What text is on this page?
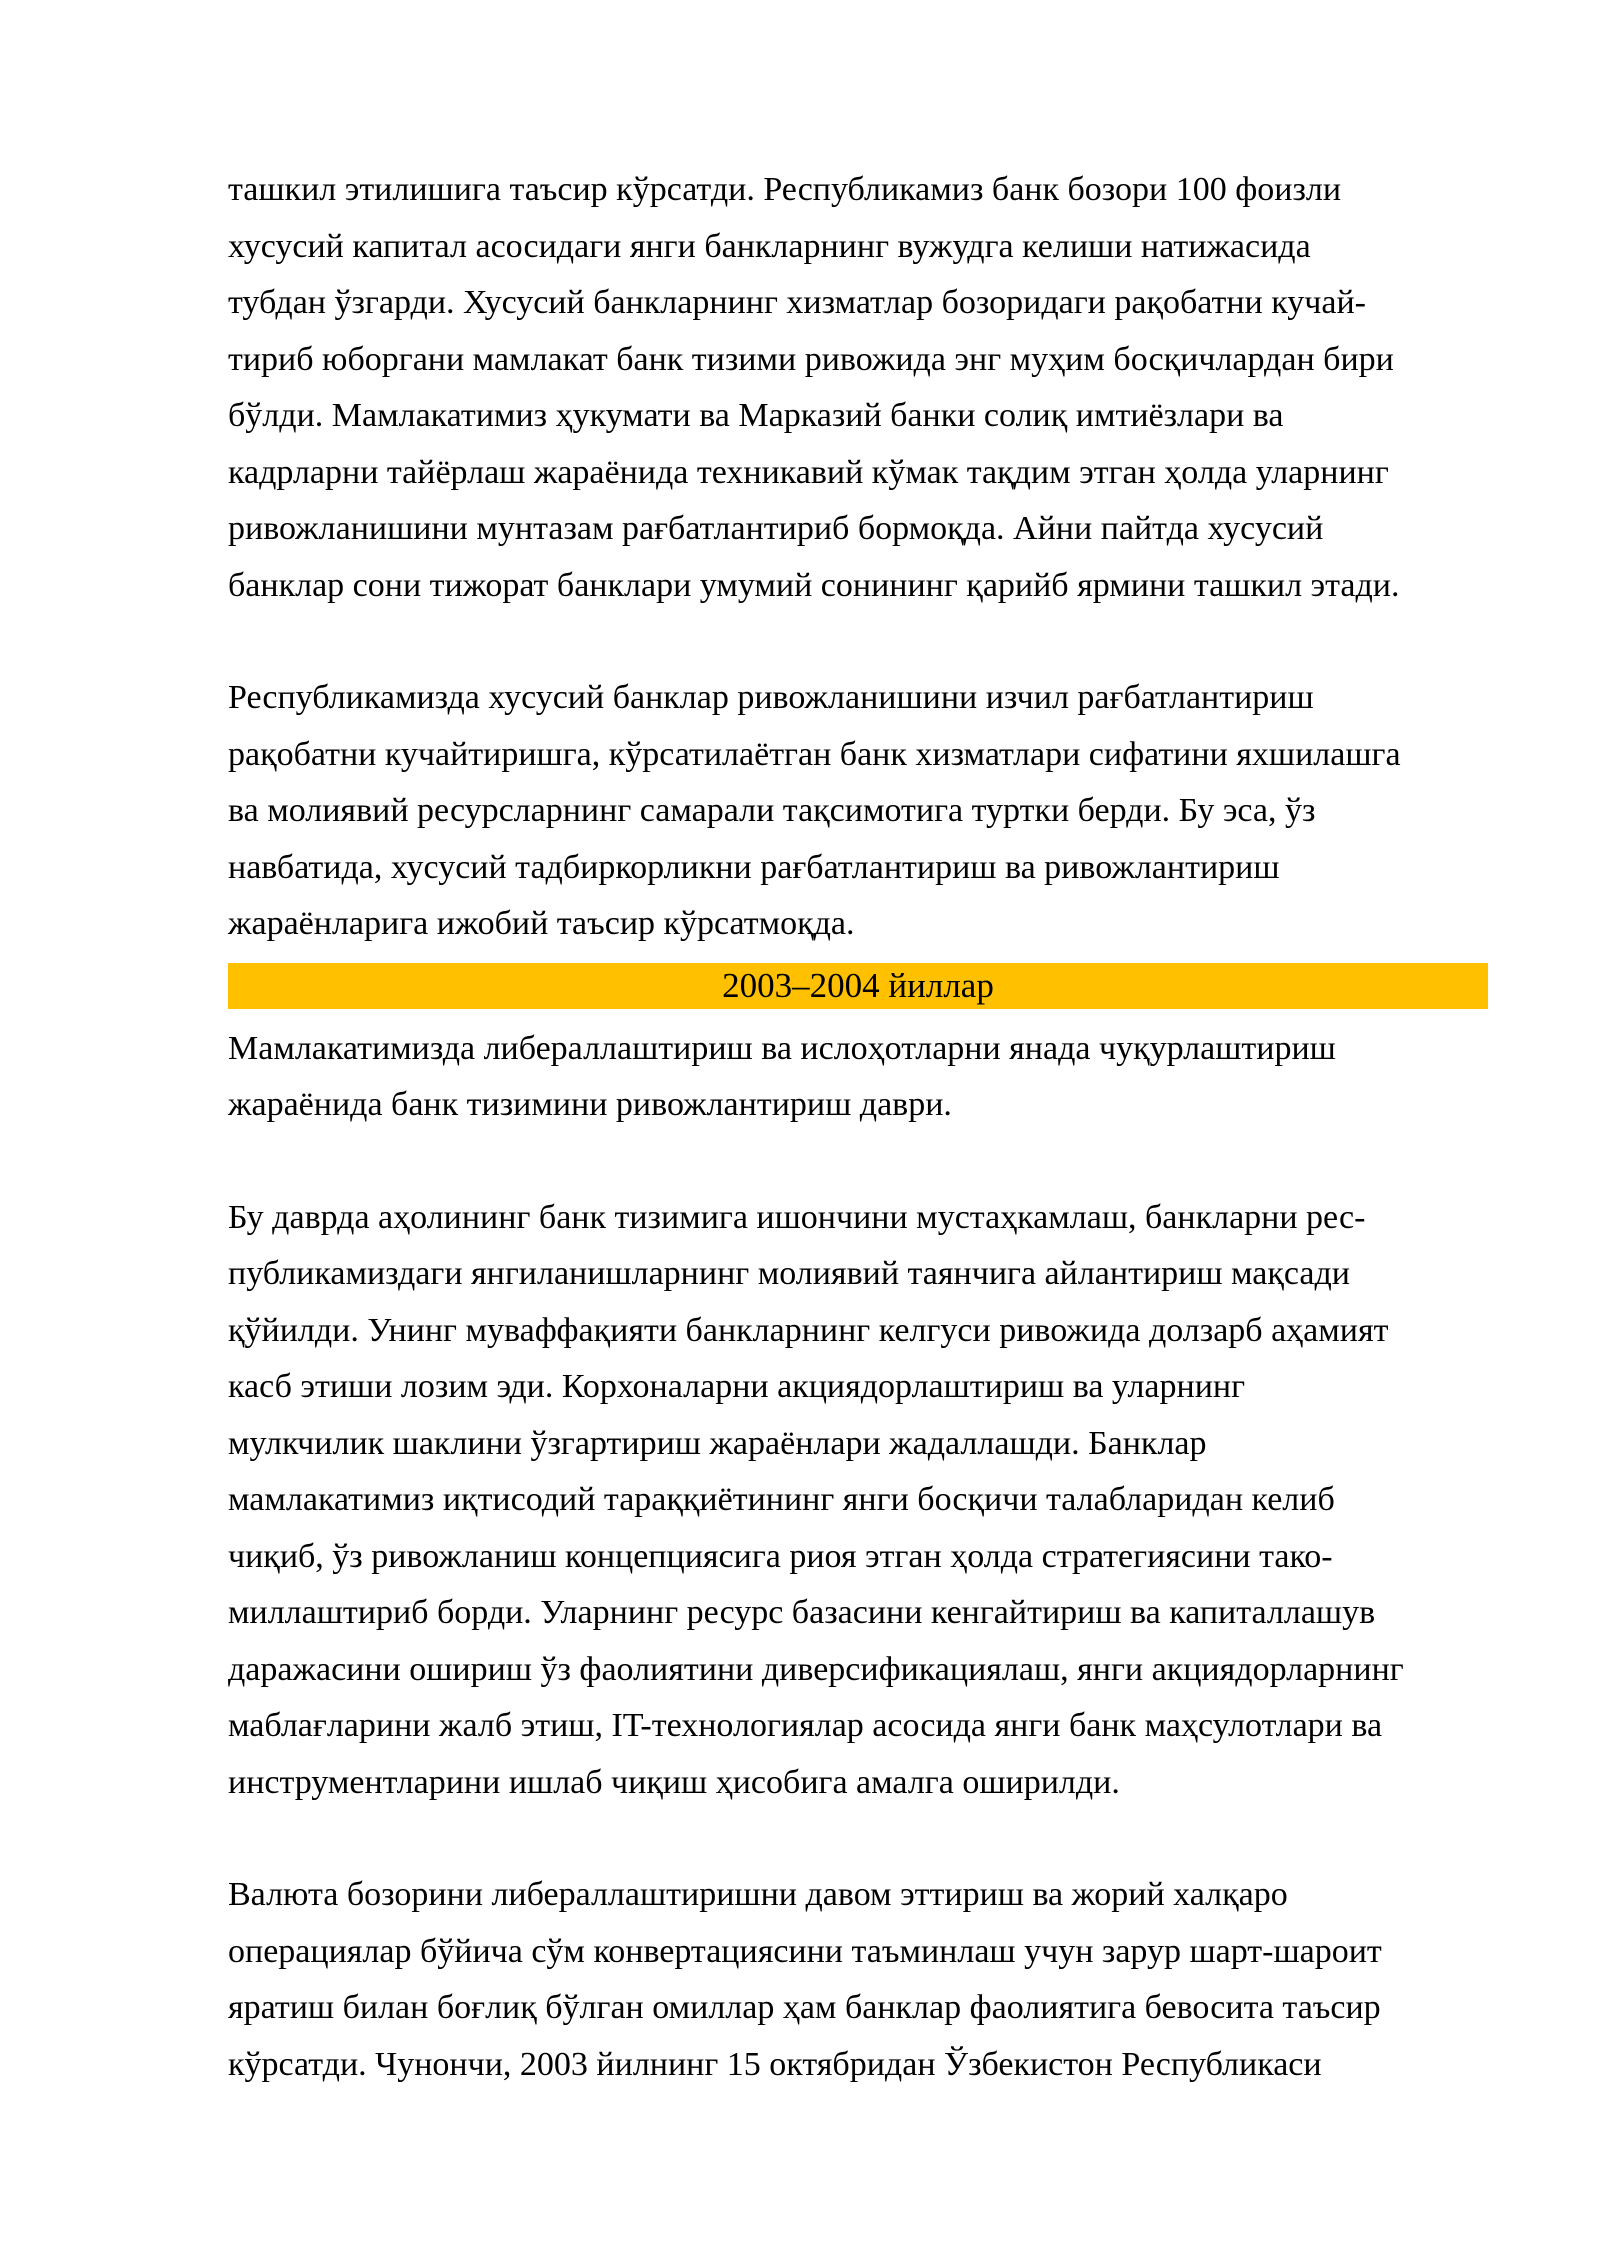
ташкил этилишига таъсир кўрсатди. Республикамиз банк бозори 100 фоизли
хусусий капитал асосидаги янги банкларнинг вужудга келиши натижасида
тубдан ўзгарди. Хусусий банкларнинг хизматлар бозоридаги рақобатни кучай-
тириб юборгани мамлакат банк тизими ривожида энг муҳим босқичлардан бири
бўлди. Мамлакатимиз ҳукумати ва Марказий банки солиқ имтиёзлари ва
кадрларни тайёрлаш жараёнида техникавий кўмак тақдим этган ҳолда уларнинг
ривожланишини мунтазам рағбатлантириб бормоқда. Айни пайтда хусусий
банклар сони тижорат банклари умумий сонининг қарийб ярмини ташкил этади.

Республикамизда хусусий банклар ривожланишини изчил рағбатлантириш
рақобатни кучайтиришга, кўрсатилаётган банк хизматлари сифатини яхшилашга
ва молиявий ресурсларнинг самарали тақсимотига туртки берди. Бу эса, ўз
навбатида, хусусий тадбиркорликни рағбатлантириш ва ривожлантириш
жараёнларига ижобий таъсир кўрсатмоқда.

2003–2004 йиллар

Мамлакатимизда либераллаштириш ва ислоҳотларни янада чуқурлаштириш
жараёнида банк тизимини ривожлантириш даври.

Бу даврда аҳолининг банк тизимига ишончини мустаҳкамлаш, банкларни рес-
публикамиздаги янгиланишларнинг молиявий таянчига айлантириш мақсади
қўйилди. Унинг муваффақияти банкларнинг келгуси ривожида долзарб аҳамият
касб этиши лозим эди. Корхоналарни акциядорлаштириш ва уларнинг
мулкчилик шаклини ўзгартириш жараёнлари жадаллашди. Банклар
мамлакатимиз иқтисодий тараққиётининг янги босқичи талабларидан келиб
чиқиб, ўз ривожланиш концепциясига риоя этган ҳолда стратегиясини тако-
миллаштириб борди. Уларнинг ресурс базасини кенгайтириш ва капиталлашув
даражасини ошириш ўз фаолиятини диверсификациялаш, янги акциядорларнинг
маблағларини жалб этиш, IT-технологиялар асосида янги банк маҳсулотлари ва
инструментларини ишлаб чиқиш ҳисобига амалга оширилди.

Валюта бозорини либераллаштиришни давом эттириш ва жорий халқаро
операциялар бўйича сўм конвертациясини таъминлаш учун зарур шарт-шароит
яратиш билан боғлиқ бўлган омиллар ҳам банклар фаолиятига бевосита таъсир
кўрсатди. Чунончи, 2003 йилнинг 15 октябридан Ўзбекистон Республикаси
